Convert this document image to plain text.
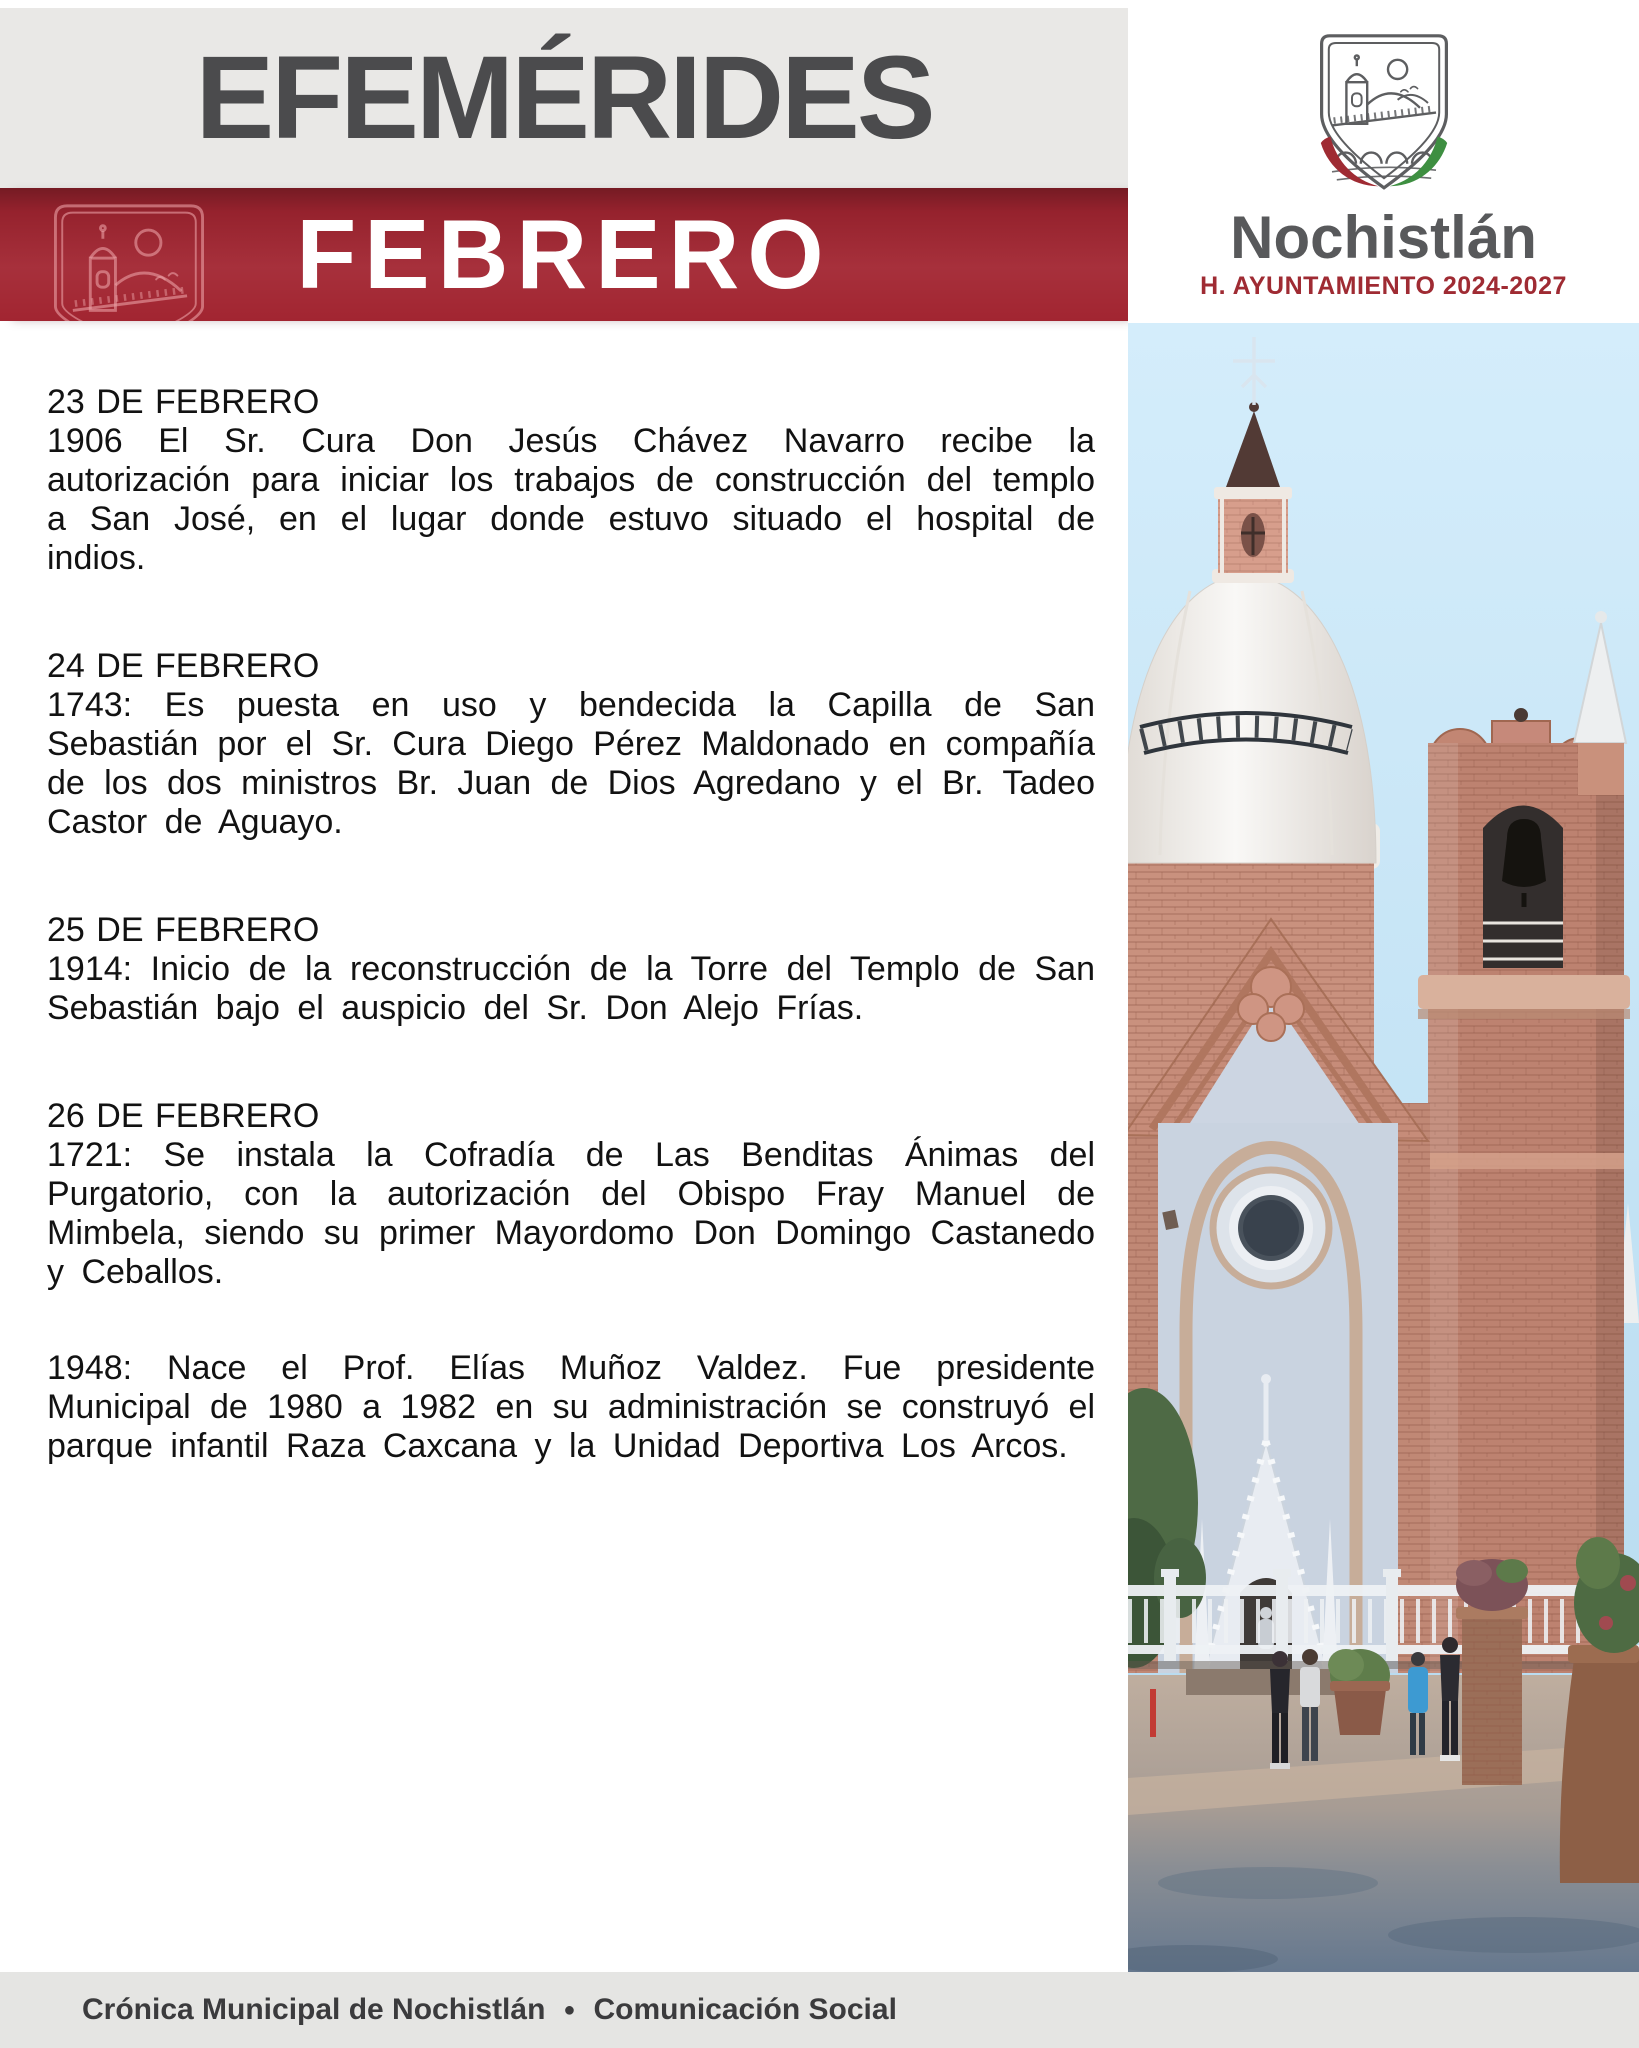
EFEMÉRIDES
FEBRERO	Nochistlán
H. AYUNTAMIENTO 2024-2027
23 DE FEBRERO
1906 El Sr. Cura Don Jesús Chávez Navarro recibe la autorización para iniciar los trabajos de construcción del templo a San José, en el lugar donde estuvo situado el hospital de indios.
24 DE FEBRERO
1743: Es puesta en uso y bendecida la Capilla de San Sebastián por el Sr. Cura Diego Pérez Maldonado en compañía de los dos ministros Br. Juan de Dios Agredano y el Br. Tadeo Castor de Aguayo.
25 DE FEBRERO
1914: Inicio de la reconstrucción de la Torre del Templo de San Sebastián bajo el auspicio del Sr. Don Alejo Frías.
26 DE FEBRERO
1721: Se instala la Cofradía de Las Benditas Ánimas del Purgatorio, con la autorización del Obispo Fray Manuel de Mimbela, siendo su primer Mayordomo Don Domingo Castanedo y Ceballos.
1948: Nace el Prof. Elías Muñoz Valdez. Fue presidente Municipal de 1980 a 1982 en su administración se construyó el parque infantil Raza Caxcana y la Unidad Deportiva Los Arcos.
Crónica Municipal de Nochistlán ● Comunicación Social
